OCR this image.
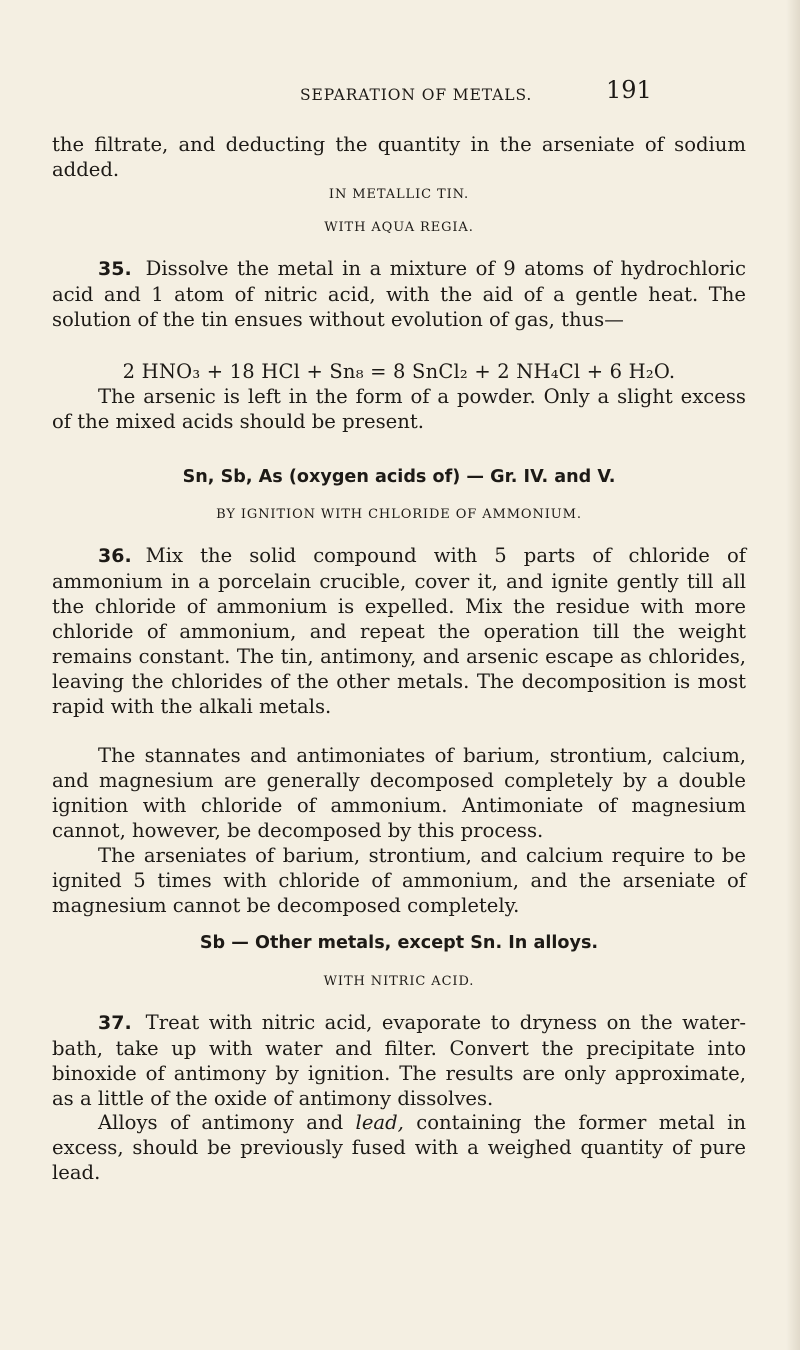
SEPARATION OF METALS.	191

the filtrate, and deducting the quantity in the arseniate of sodium added.

IN METALLIC TIN.
WITH AQUA REGIA.

35. Dissolve the metal in a mixture of 9 atoms of hydrochloric acid and 1 atom of nitric acid, with the aid of a gentle heat. The solution of the tin ensues without evolution of gas, thus—

2 HNO₃ + 18 HCl + Sn₈ = 8 SnCl₂ + 2 NH₄Cl + 6 H₂O.

The arsenic is left in the form of a powder. Only a slight excess of the mixed acids should be present.

Sn, Sb, As (oxygen acids of) — Gr. IV. and V.
BY IGNITION WITH CHLORIDE OF AMMONIUM.

36. Mix the solid compound with 5 parts of chloride of ammonium in a porcelain crucible, cover it, and ignite gently till all the chloride of ammonium is expelled. Mix the residue with more chloride of ammonium, and repeat the operation till the weight remains constant. The tin, antimony, and arsenic escape as chlorides, leaving the chlorides of the other metals. The decomposition is most rapid with the alkali metals.

The stannates and antimoniates of barium, strontium, calcium, and magnesium are generally decomposed completely by a double ignition with chloride of ammonium. Antimoniate of magnesium cannot, however, be decomposed by this process.

The arseniates of barium, strontium, and calcium require to be ignited 5 times with chloride of ammonium, and the arseniate of magnesium cannot be decomposed completely.

Sb — Other metals, except Sn. In alloys.
WITH NITRIC ACID.

37. Treat with nitric acid, evaporate to dryness on the water-bath, take up with water and filter. Convert the precipitate into binoxide of antimony by ignition. The results are only approximate, as a little of the oxide of antimony dissolves.

Alloys of antimony and lead, containing the former metal in excess, should be previously fused with a weighed quantity of pure lead.
